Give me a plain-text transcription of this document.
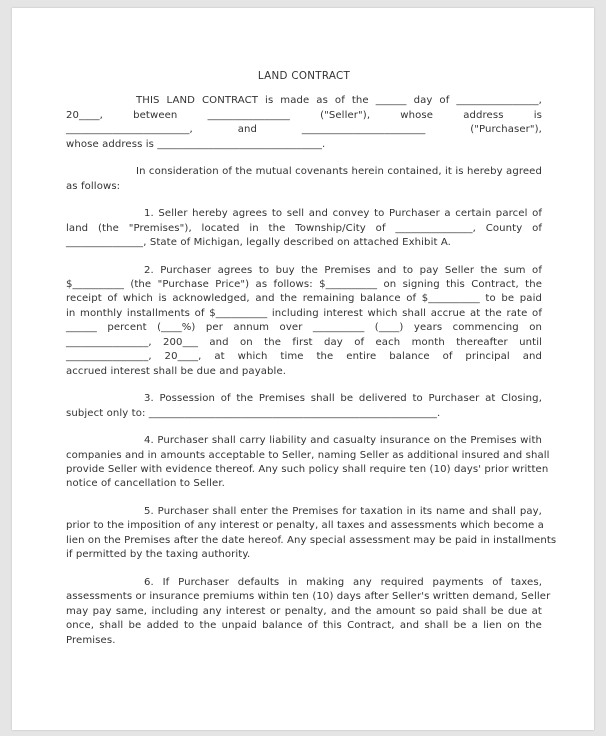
LAND CONTRACT

THIS LAND CONTRACT is made as of the ______ day of ________________,
20____, between ________________ ("Seller"), whose address is
________________________, and ________________________ ("Purchaser"),
whose address is ________________________________.

In consideration of the mutual covenants herein contained, it is hereby agreed
as follows:

1. Seller hereby agrees to sell and convey to Purchaser a certain parcel of
land (the "Premises"), located in the Township/City of _______________, County of
_______________, State of Michigan, legally described on attached Exhibit A.

2. Purchaser agrees to buy the Premises and to pay Seller the sum of
$__________ (the "Purchase Price") as follows: $__________ on signing this Contract, the
receipt of which is acknowledged, and the remaining balance of $__________ to be paid
in monthly installments of $__________ including interest which shall accrue at the rate of
______ percent (____%) per annum over __________ (____) years commencing on
________________, 200___ and on the first day of each month thereafter until
________________, 20____, at which time the entire balance of principal and
accrued interest shall be due and payable.

3. Possession of the Premises shall be delivered to Purchaser at Closing,
subject only to: ________________________________________________________.

4. Purchaser shall carry liability and casualty insurance on the Premises with
companies and in amounts acceptable to Seller, naming Seller as additional insured and shall
provide Seller with evidence thereof. Any such policy shall require ten (10) days' prior written
notice of cancellation to Seller.

5. Purchaser shall enter the Premises for taxation in its name and shall pay,
prior to the imposition of any interest or penalty, all taxes and assessments which become a
lien on the Premises after the date hereof. Any special assessment may be paid in installments
if permitted by the taxing authority.

6. If Purchaser defaults in making any required payments of taxes,
assessments or insurance premiums within ten (10) days after Seller's written demand, Seller
may pay same, including any interest or penalty, and the amount so paid shall be due at
once, shall be added to the unpaid balance of this Contract, and shall be a lien on the
Premises.
